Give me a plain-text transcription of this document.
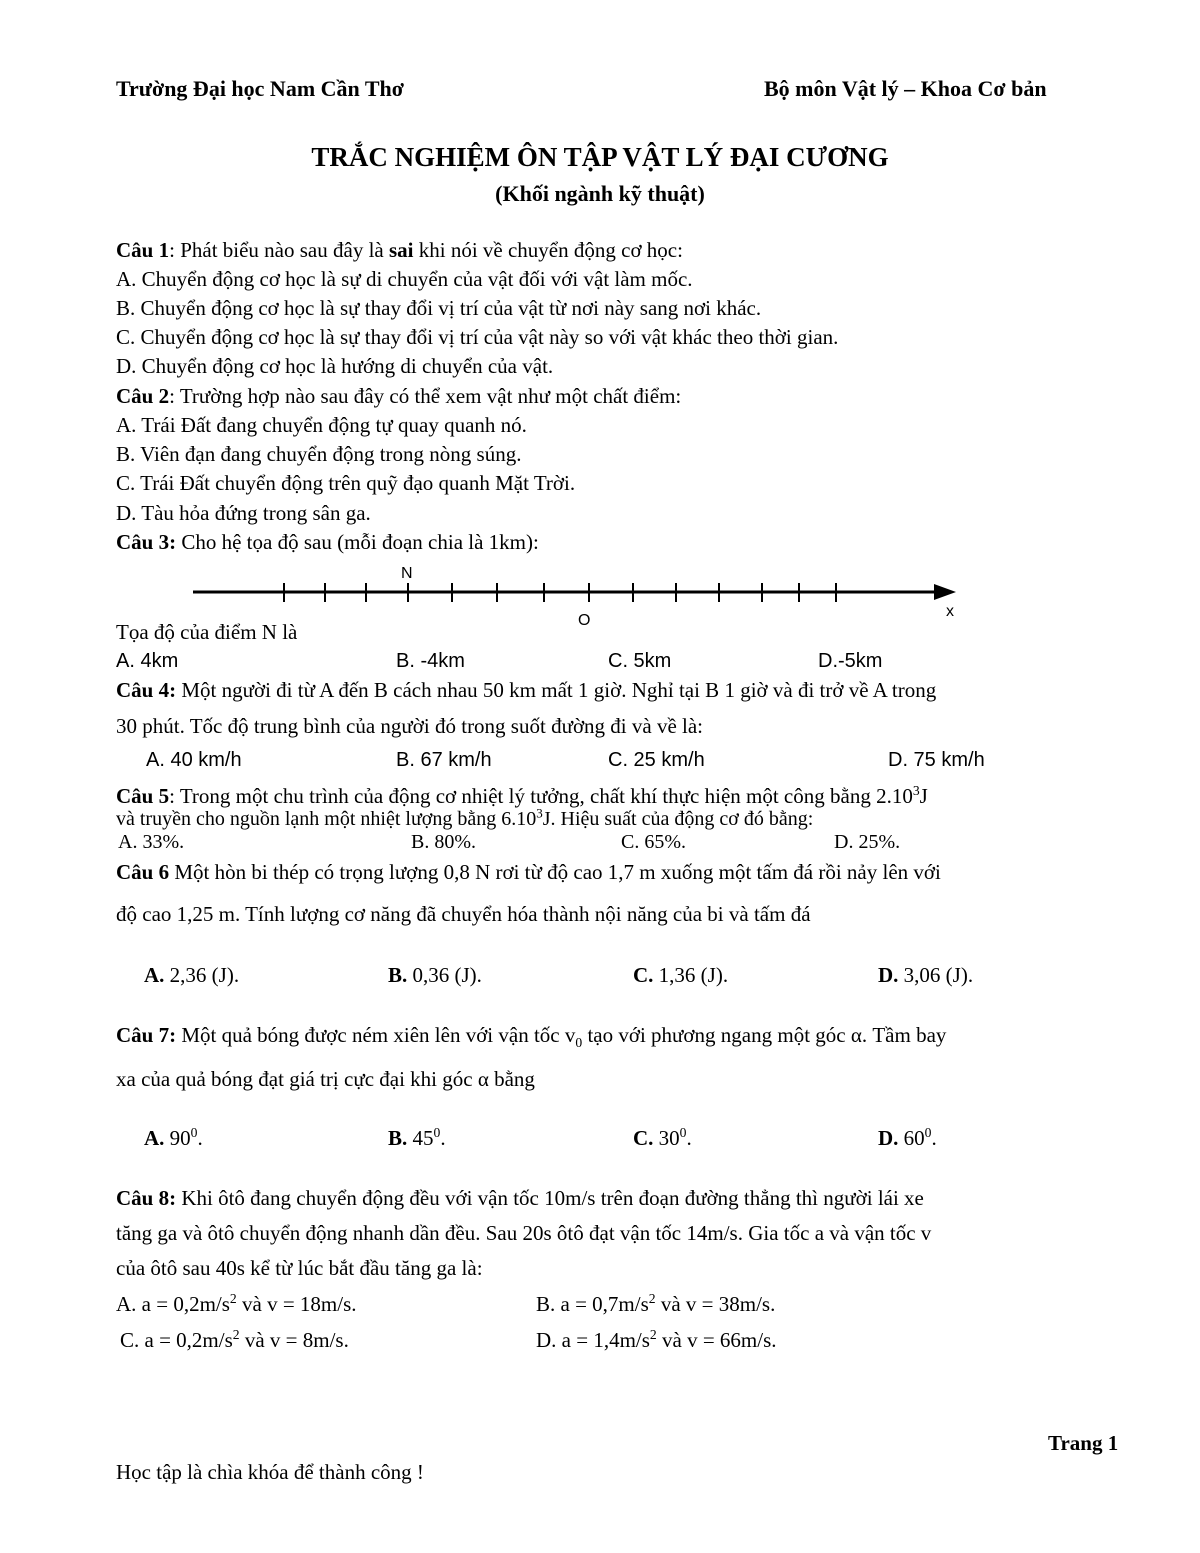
Trường Đại học Nam Cần Thơ	Bộ môn Vật lý – Khoa Cơ bản
TRẮC NGHIỆM ÔN TẬP VẬT LÝ ĐẠI CƯƠNG
(Khối ngành kỹ thuật)
Câu 1: Phát biểu nào sau đây là sai khi nói về chuyển động cơ học:
A. Chuyển động cơ học là sự di chuyển của vật đối với vật làm mốc.
B. Chuyển động cơ học là sự thay đổi vị trí của vật từ nơi này sang nơi khác.
C. Chuyển động cơ học là sự thay đổi vị trí của vật này so với vật khác theo thời gian.
D. Chuyển động cơ học là hướng di chuyển của vật.
Câu 2: Trường hợp nào sau đây có thể xem vật như một chất điểm:
A. Trái Đất đang chuyển động tự quay quanh nó.
B. Viên đạn đang chuyển động trong nòng súng.
C. Trái Đất chuyển động trên quỹ đạo quanh Mặt Trời.
D. Tàu hỏa đứng trong sân ga.
Câu 3: Cho hệ tọa độ sau (mỗi đoạn chia là 1km):
N
O
x
Tọa độ của điểm N là
A. 4km	B. -4km	C. 5km	D.-5km
Câu 4: Một người đi từ A đến B cách nhau 50 km mất 1 giờ. Nghỉ tại B 1 giờ và đi trở về A trong
30 phút. Tốc độ trung bình của người đó trong suốt đường đi và về là:
A. 40 km/h	B. 67 km/h	C. 25 km/h	D. 75 km/h
Câu 5: Trong một chu trình của động cơ nhiệt lý tưởng, chất khí thực hiện một công bằng 2.10$^3$J
và truyền cho nguồn lạnh một nhiệt lượng bằng 6.10$^3$J. Hiệu suất của động cơ đó bằng:
A. 33%.	B. 80%.	C. 65%.	D. 25%.
Câu 6 Một hòn bi thép có trọng lượng 0,8 N rơi từ độ cao 1,7 m xuống một tấm đá rồi nảy lên với
độ cao 1,25 m. Tính lượng cơ năng đã chuyển hóa thành nội năng của bi và tấm đá
A. 2,36 (J).	B. 0,36 (J).	C. 1,36 (J).	D. 3,06 (J).
Câu 7: Một quả bóng được ném xiên lên với vận tốc $v_0$ tạo với phương ngang một góc α. Tầm bay
xa của quả bóng đạt giá trị cực đại khi góc α bằng
A. $90^0$.	B. $45^0$.	C. $30^0$.	D. $60^0$.
Câu 8: Khi ôtô đang chuyển động đều với vận tốc 10m/s trên đoạn đường thẳng thì người lái xe
tăng ga và ôtô chuyển động nhanh dần đều. Sau 20s ôtô đạt vận tốc 14m/s. Gia tốc a và vận tốc v
của ôtô sau 40s kể từ lúc bắt đầu tăng ga là:
A. $a = 0,2m/s^2$ và v = 18m/s.	B. $a = 0,7m/s^2$ và v = 38m/s.
C. $a = 0,2m/s^2$ và v = 8m/s.	D. $a = 1,4m/s^2$ và v = 66m/s.
Trang 1
Học tập là chìa khóa để thành công !
